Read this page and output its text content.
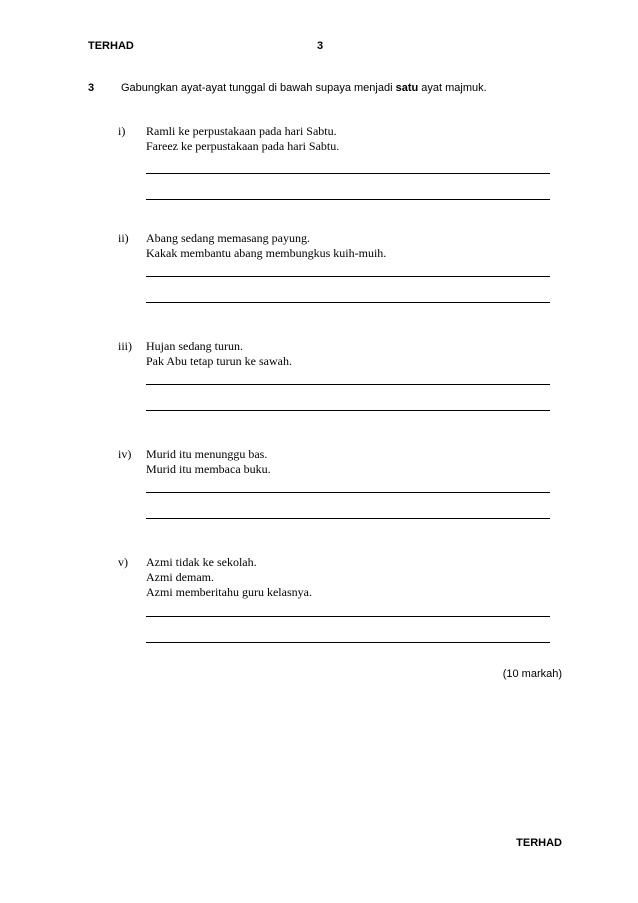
TERHAD	3
3 Gabungkan ayat-ayat tunggal di bawah supaya menjadi satu ayat majmuk.
i) Ramli ke perpustakaan pada hari Sabtu.
Fareez ke perpustakaan pada hari Sabtu.
ii) Abang sedang memasang payung.
Kakak membantu abang membungkus kuih-muih.
iii) Hujan sedang turun.
Pak Abu tetap turun ke sawah.
iv) Murid itu menunggu bas.
Murid itu membaca buku.
v) Azmi tidak ke sekolah.
Azmi demam.
Azmi memberitahu guru kelasnya.
(10 markah)
TERHAD
